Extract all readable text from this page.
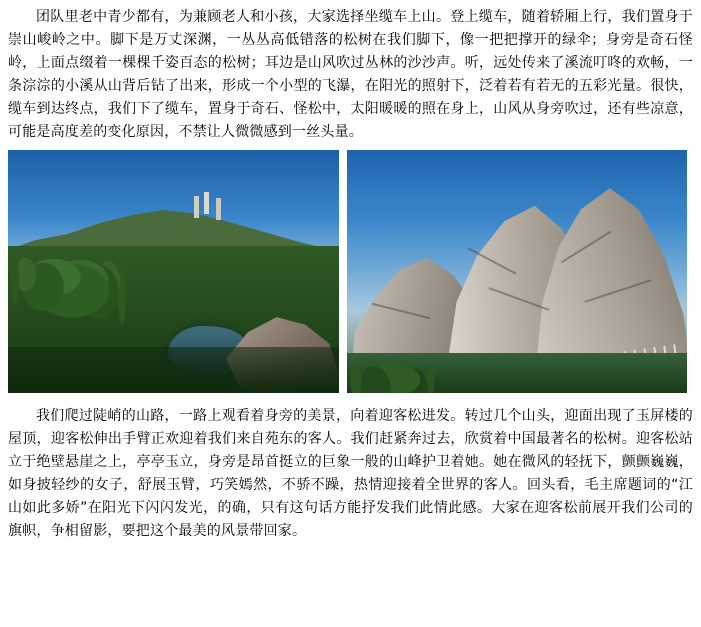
团队里老中青少都有，为兼顾老人和小孩，大家选择坐缆车上山。登上缆车，随着轿厢上行，我们置身于崇山峻岭之中。脚下是万丈深渊，一丛丛高低错落的松树在我们脚下，像一把把撑开的绿伞；身旁是奇石怪岭，上面点缀着一棵棵千姿百态的松树；耳边是山风吹过丛林的沙沙声。听，远处传来了溪流叮咚的欢畅，一条淙淙的小溪从山背后钻了出来，形成一个小型的飞瀑，在阳光的照射下，泛着若有若无的五彩光量。很快，缆车到达终点，我们下了缆车，置身于奇石、怪松中，太阳暖暖的照在身上，山风从身旁吹过，还有些凉意，可能是高度差的变化原因，不禁让人微微感到一丝头量。

我们爬过陡峭的山路，一路上观看着身旁的美景，向着迎客松进发。转过几个山头，迎面出现了玉屏楼的屋顶，迎客松伸出手臂正欢迎着我们来自苑东的客人。我们赶紧奔过去，欣赏着中国最著名的松树。迎客松站立于绝壁悬崖之上，亭亭玉立，身旁是昂首挺立的巨象一般的山峰护卫着她。她在微风的轻抚下，颤颤巍巍，如身披轻纱的女子，舒展玉臂，巧笑嫣然，不骄不躁，热情迎接着全世界的客人。回头看，毛主席题词的“江山如此多娇”在阳光下闪闪发光，的确，只有这句话方能抒发我们此情此感。大家在迎客松前展开我们公司的旗帜，争相留影，要把这个最美的风景带回家。
